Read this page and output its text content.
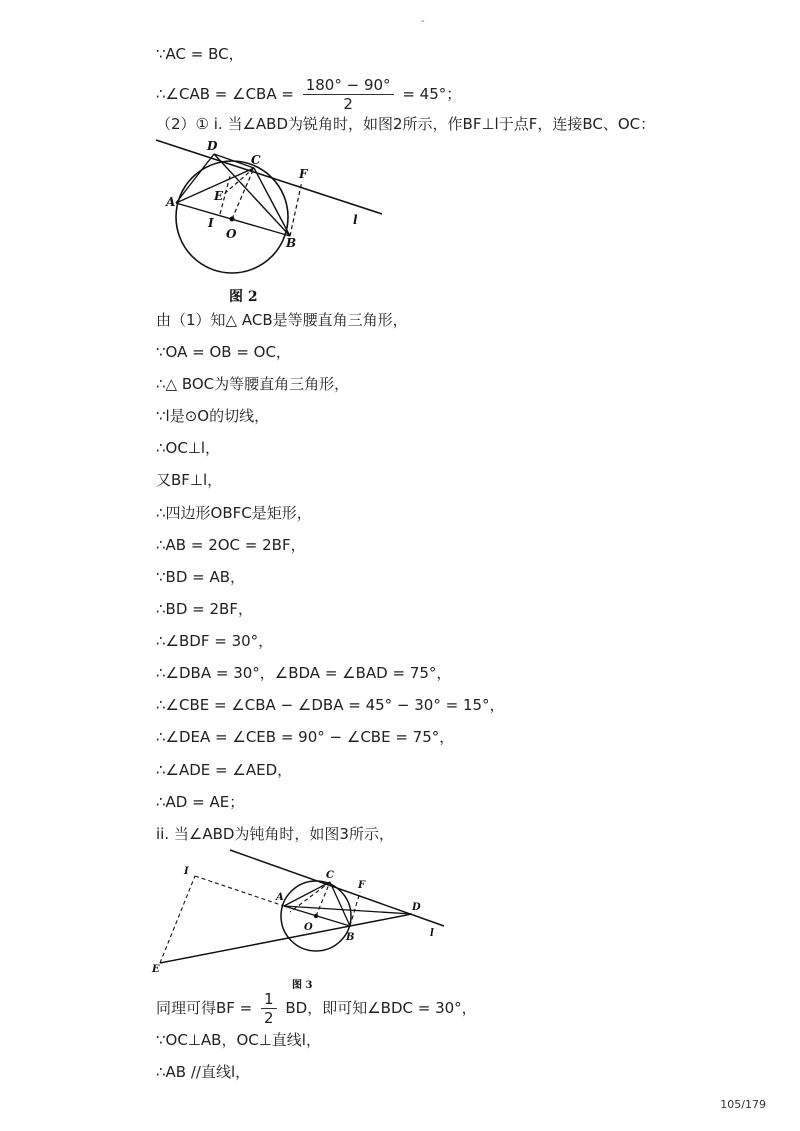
-
∵AC = BC，
∴∠CAB = ∠CBA = $\frac{180^\circ - 90^\circ}{2} = 45^\circ$；
（2）① i. 当∠ABD为锐角时，如图2所示，作BF⊥l于点F，连接BC、OC：
D
C
F
A	E
I
O
B
l
图 2
由（1）知△ ACB是等腰直角三角形，
∵OA = OB = OC，
∴△ BOC为等腰直角三角形，
∵l是⊙O的切线，
∴OC⊥l，
又BF⊥l，
∴四边形OBFC是矩形，
∴AB = 2OC = 2BF，
∵BD = AB，
∴BD = 2BF，
∴∠BDF = 30°，
∴∠DBA = 30°，∠BDA = ∠BAD = 75°，
∴∠CBE = ∠CBA − ∠DBA = 45° − 30° = 15°，
∴∠DEA = ∠CEB = 90° − ∠CBE = 75°，
∴∠ADE = ∠AED，
∴AD = AE；
ii. 当∠ABD为钝角时，如图3所示，
I
A
C
F
D
O
B	l
E
图 3
同理可得BF = $\frac{1}{2}$ BD，即可知∠BDC = 30°，
∵OC⊥AB，OC⊥直线l，
∴AB //直线l，
105/179
